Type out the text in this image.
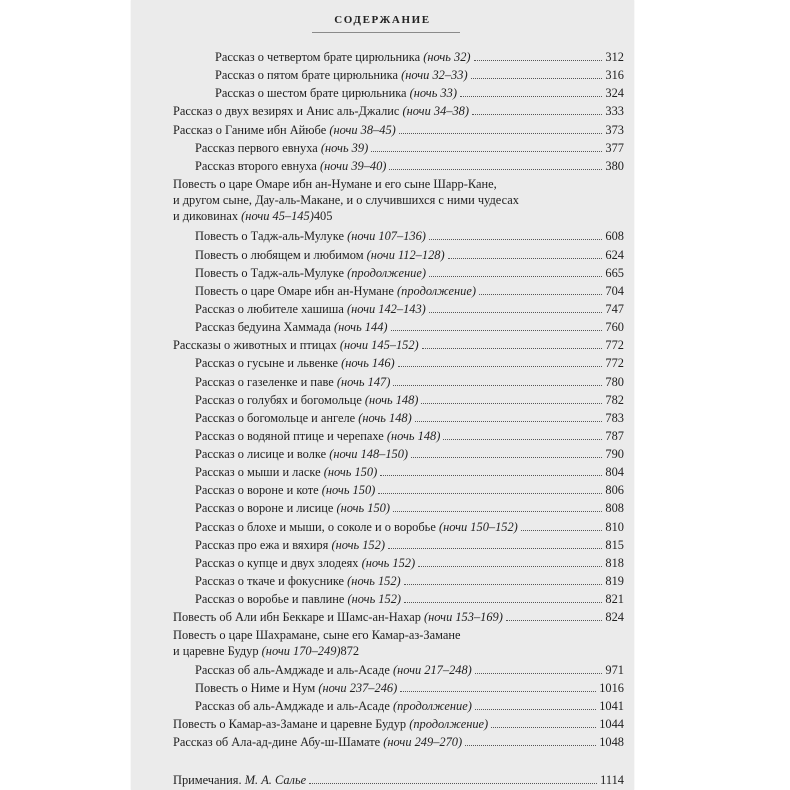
СОДЕРЖАНИЕ
Рассказ о четвертом брате цирюльника (ночь 32)	312
Рассказ о пятом брате цирюльника (ночи 32–33)	316
Рассказ о шестом брате цирюльника (ночь 33)	324
Рассказ о двух везирях и Анис аль-Джалис (ночи 34–38)	333
Рассказ о Ганиме ибн Айюбе (ночи 38–45)	373
Рассказ первого евнуха (ночь 39)	377
Рассказ второго евнуха (ночи 39–40)	380
Повесть о царе Омаре ибн ан-Нумане и его сыне Шарр-Кане,
и другом сыне, Дау-аль-Макане, и о случившихся с ними чудесах
и диковинах (ночи 45–145) 405
Повесть о Тадж-аль-Мулуке (ночи 107–136)	608
Повесть о любящем и любимом (ночи 112–128)	624
Повесть о Тадж-аль-Мулуке (продолжение)	665
Повесть о царе Омаре ибн ан-Нумане (продолжение)	704
Рассказ о любителе хашиша (ночи 142–143)	747
Рассказ бедуина Хаммада (ночь 144)	760
Рассказы о животных и птицах (ночи 145–152)	772
Рассказ о гусыне и львенке (ночь 146)	772
Рассказ о газеленке и паве (ночь 147)	780
Рассказ о голубях и богомольце (ночь 148)	782
Рассказ о богомольце и ангеле (ночь 148)	783
Рассказ о водяной птице и черепахе (ночь 148)	787
Рассказ о лисице и волке (ночи 148–150)	790
Рассказ о мыши и ласке (ночь 150)	804
Рассказ о вороне и коте (ночь 150)	806
Рассказ о вороне и лисице (ночь 150)	808
Рассказ о блохе и мыши, о соколе и о воробье (ночи 150–152)	810
Рассказ про ежа и вяхиря (ночь 152)	815
Рассказ о купце и двух злодеях (ночь 152)	818
Рассказ о ткаче и фокуснике (ночь 152)	819
Рассказ о воробье и павлине (ночь 152)	821
Повесть об Али ибн Беккаре и Шамс-ан-Нахар (ночи 153–169)	824
Повесть о царе Шахрамане, сыне его Камар-аз-Замане
и царевне Будур (ночи 170–249) 872
Рассказ об аль-Амджаде и аль-Асаде (ночи 217–248)	971
Повесть о Ниме и Нум (ночи 237–246)	1016
Рассказ об аль-Амджаде и аль-Асаде (продолжение)	1041
Повесть о Камар-аз-Замане и царевне Будур (продолжение)	1044
Рассказ об Ала-ад-дине Абу-ш-Шамате (ночи 249–270)	1048
Примечания. М. А. Салье	1114
